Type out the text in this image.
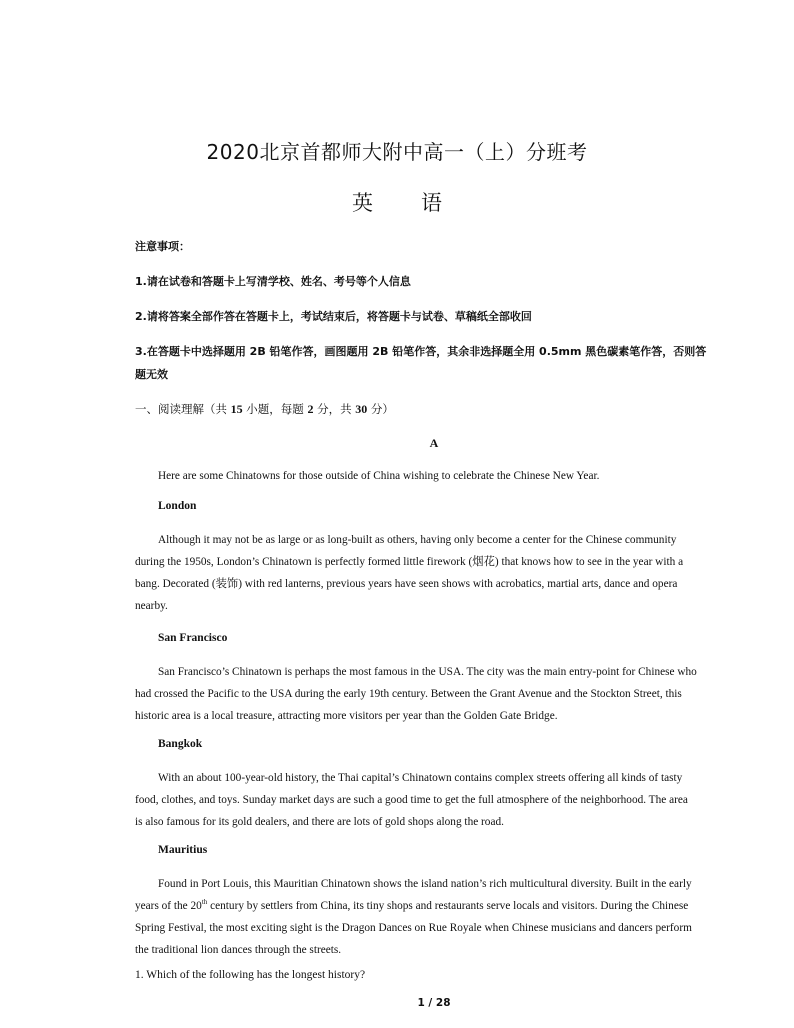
2020北京首都师大附中高一（上）分班考
英 语
注意事项：
1.请在试卷和答题卡上写清学校、姓名、考号等个人信息
2.请将答案全部作答在答题卡上，考试结束后，将答题卡与试卷、草稿纸全部收回
3.在答题卡中选择题用 2B 铅笔作答，画图题用 2B 铅笔作答，其余非选择题全用 0.5mm 黑色碳素笔作答，否则答
题无效
一、阅读理解（共 15 小题，每题 2 分，共 30 分）
A
Here are some Chinatowns for those outside of China wishing to celebrate the Chinese New Year.
London
Although it may not be as large or as long-built as others, having only become a center for the Chinese community
during the 1950s, London’s Chinatown is perfectly formed little firework (烟花) that knows how to see in the year with a
bang. Decorated (装饰) with red lanterns, previous years have seen shows with acrobatics, martial arts, dance and opera
nearby.
San Francisco
San Francisco’s Chinatown is perhaps the most famous in the USA. The city was the main entry-point for Chinese who
had crossed the Pacific to the USA during the early 19th century. Between the Grant Avenue and the Stockton Street, this
historic area is a local treasure, attracting more visitors per year than the Golden Gate Bridge.
Bangkok
With an about 100-year-old history, the Thai capital’s Chinatown contains complex streets offering all kinds of tasty
food, clothes, and toys. Sunday market days are such a good time to get the full atmosphere of the neighborhood. The area
is also famous for its gold dealers, and there are lots of gold shops along the road.
Mauritius
Found in Port Louis, this Mauritian Chinatown shows the island nation’s rich multicultural diversity. Built in the early
years of the 20th century by settlers from China, its tiny shops and restaurants serve locals and visitors. During the Chinese
Spring Festival, the most exciting sight is the Dragon Dances on Rue Royale when Chinese musicians and dancers perform
the traditional lion dances through the streets.
1. Which of the following has the longest history?
1 / 28
